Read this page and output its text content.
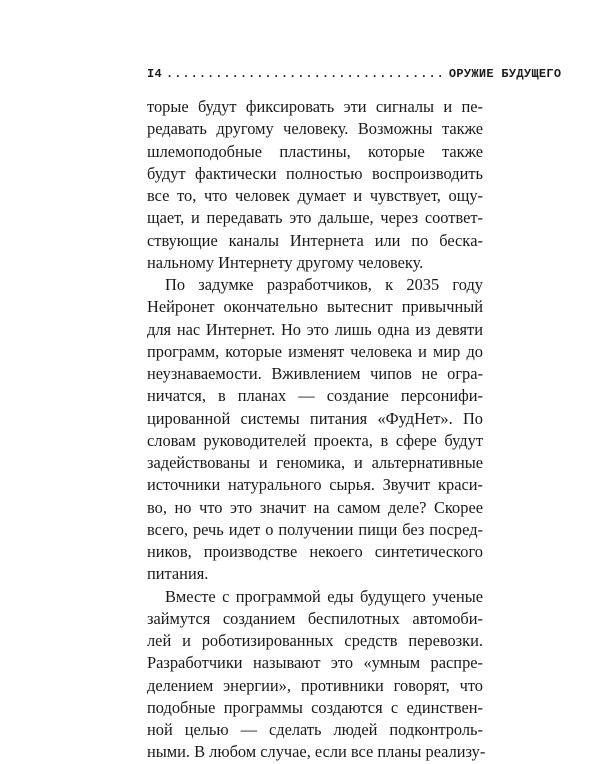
I4 .................................. ОРУЖИЕ БУДУЩЕГО
торые будут фиксировать эти сигналы и пе-
редавать другому человеку. Возможны также
шлемоподобные пластины, которые также
будут фактически полностью воспроизводить
все то, что человек думает и чувствует, ощу-
щает, и передавать это дальше, через соответ-
ствующие каналы Интернета или по бескa-
нальному Интернету другому человеку.
По задумке разработчиков, к 2035 году
Нейронет окончательно вытеснит привычный
для нас Интернет. Но это лишь одна из девяти
программ, которые изменят человека и мир до
неузнаваемости. Вживлением чипов не огра-
ничатся, в планах — создание персонифи-
цированной системы питания «ФудНет». По
словам руководителей проекта, в сфере будут
задействованы и геномика, и альтернативные
источники натурального сырья. Звучит краси-
во, но что это значит на самом деле? Скорее
всего, речь идет о получении пищи без посред-
ников, производстве некоего синтетического
питания.
Вместе с программой еды будущего ученые
займутся созданием беспилотных автомоби-
лей и роботизированных средств перевозки.
Разработчики называют это «умным распре-
делением энергии», противники говорят, что
подобные программы создаются с единствен-
ной целью — сделать людей подконтроль-
ными. В любом случае, если все планы реализу-
